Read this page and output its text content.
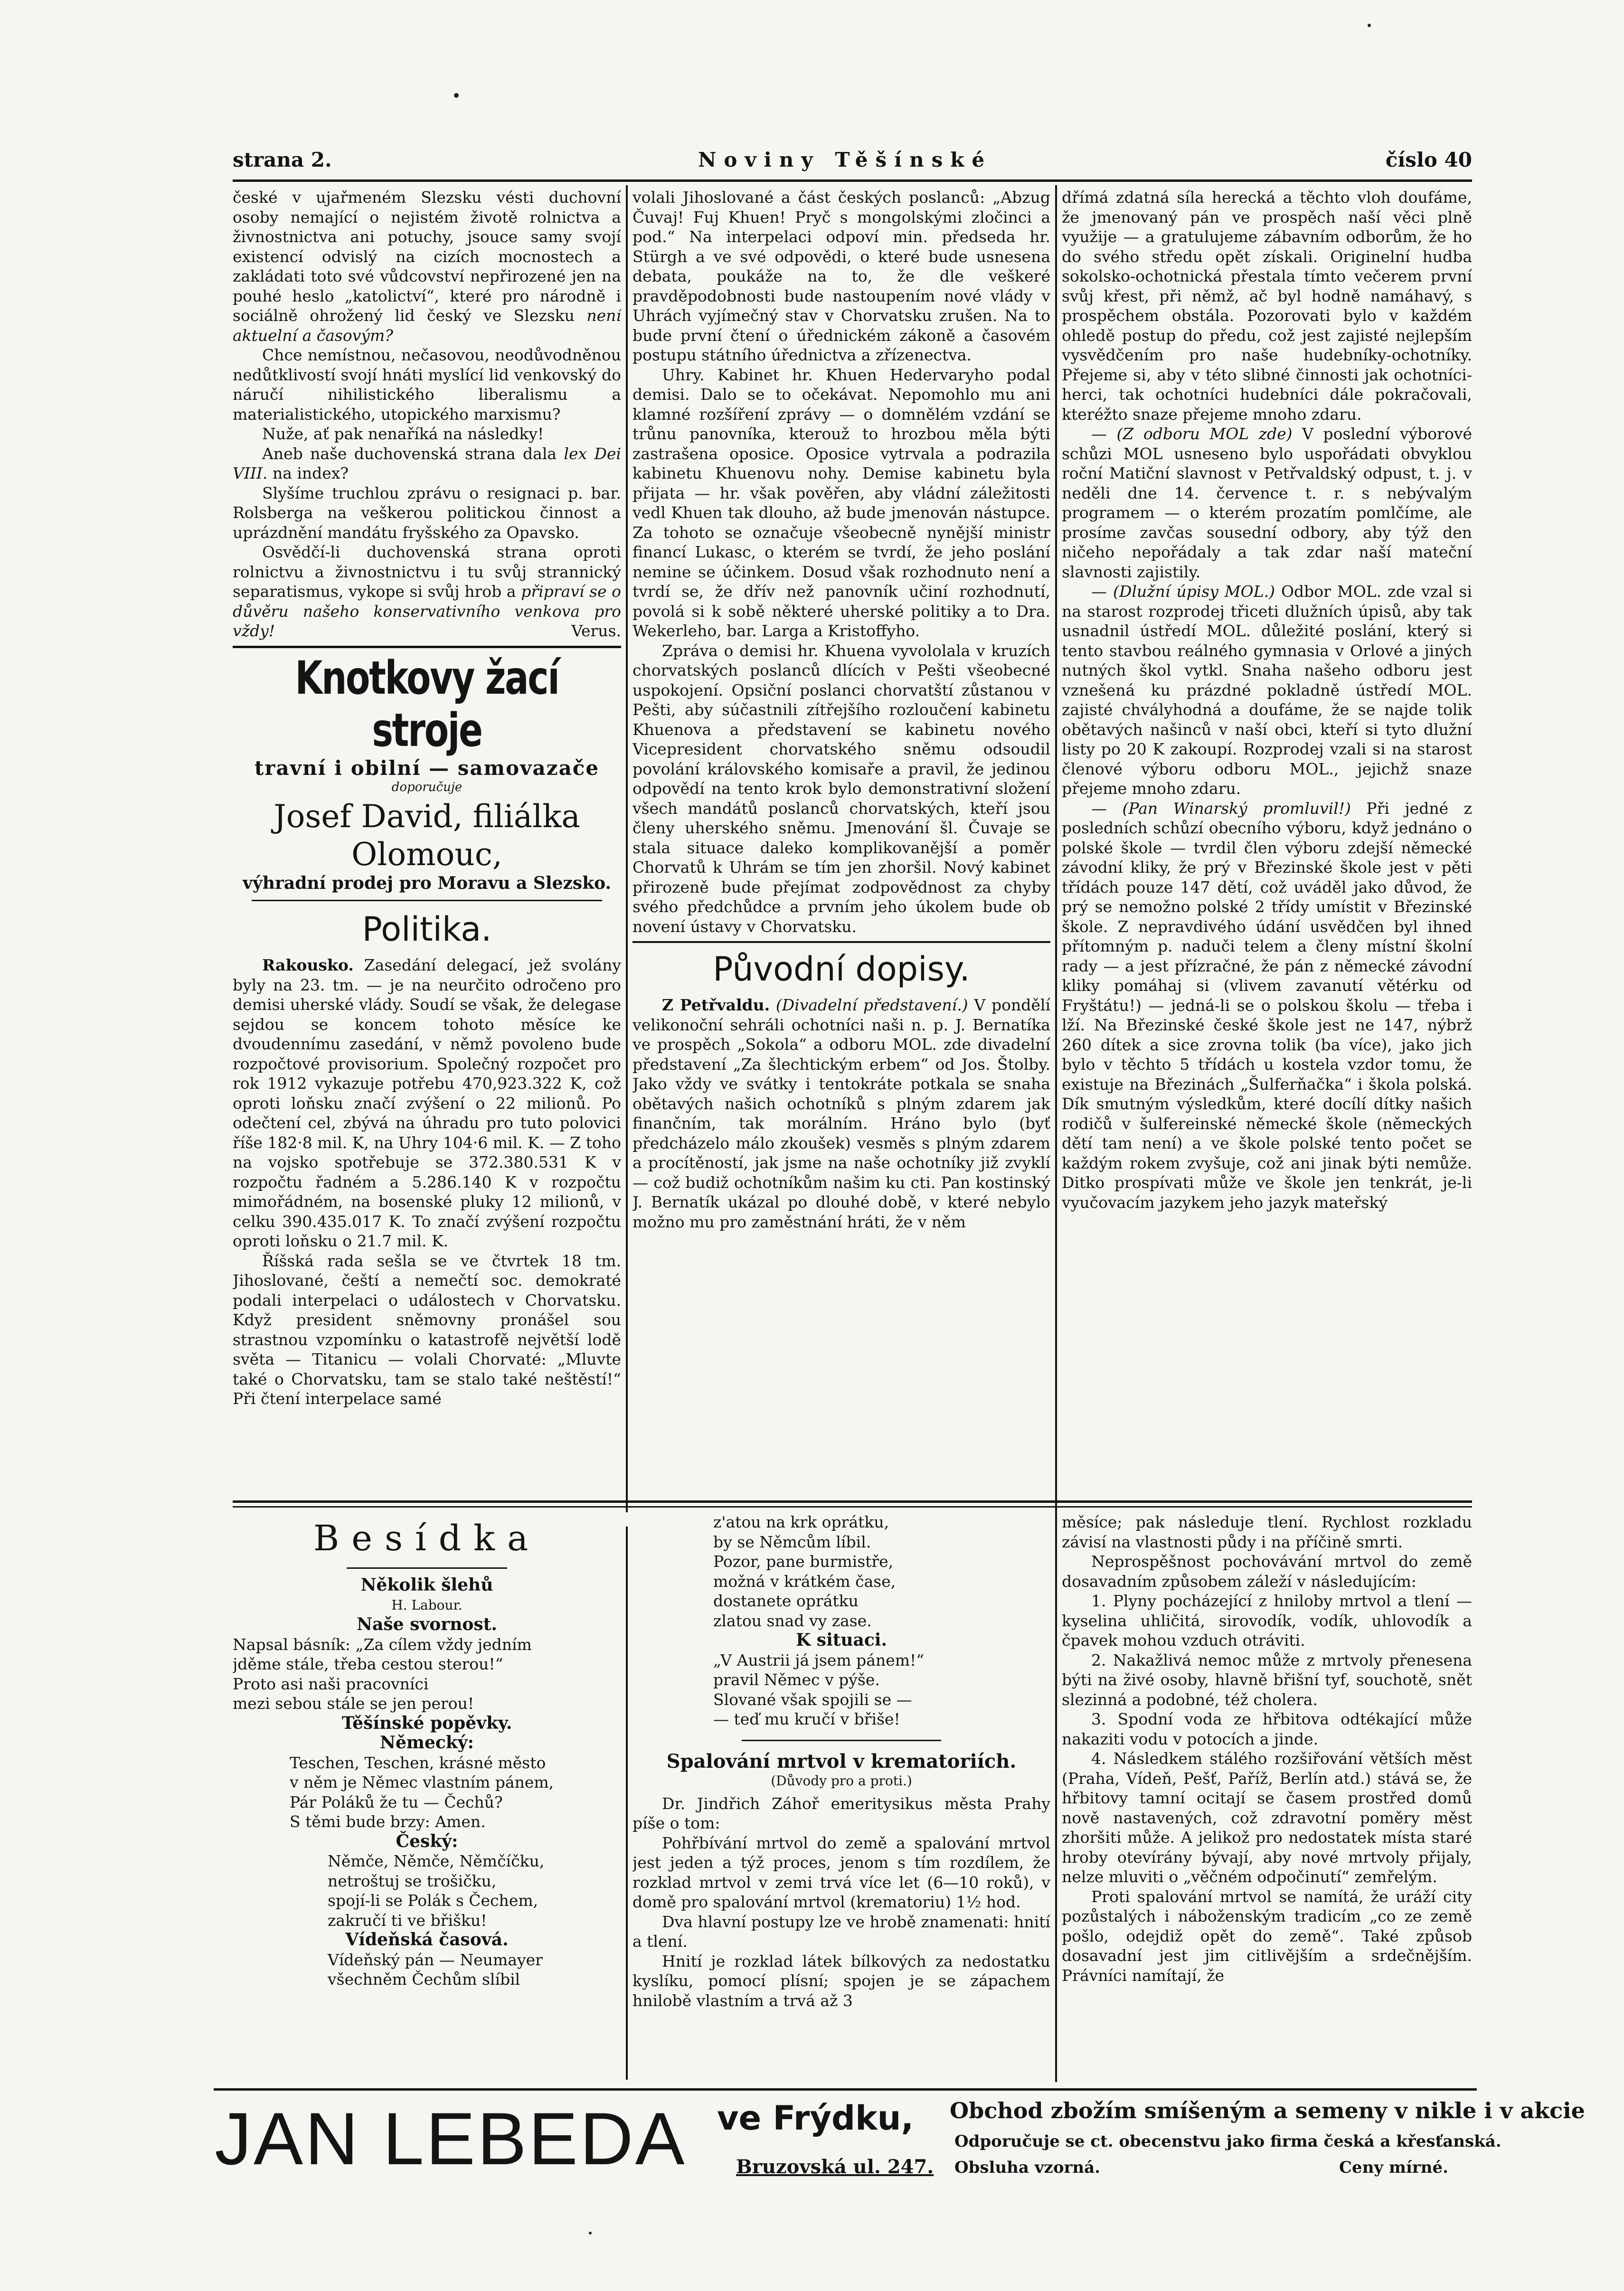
strana 2.	Noviny Těšínské	číslo 40

české v ujařmeném Slezsku vésti duchovní osoby nemající o nejistém životě rolnictva a živnostnictva ani potuchy, jsouce samy svojí existencí odvislý na cizích mocnostech a zakládati toto své vůdcovství nepřirozené jen na pouhé heslo „katolictví“, které pro národně i sociálně ohrožený lid český ve Slezsku není aktuelní a časovým?

Chce nemístnou, nečasovou, neodůvodněnou nedůtklivostí svojí hnáti myslící lid venkovský do náručí nihilistického liberalismu a materialistického, utopického marxismu?

Nuže, ať pak nenaříká na následky!

Aneb naše duchovenská strana dala lex Dei VIII. na index?

Slyšíme truchlou zprávu o resignaci p. bar. Rolsberga na veškerou politickou činnost a uprázdnění mandátu fryšského za Opavsko.

Osvědčí-li duchovenská strana oproti rolnictvu a živnostnictvu i tu svůj strannický separatismus, vykope si svůj hrob a připraví se o důvěru našeho konservativního venkova pro vždy!	Verus.

Knotkovy žací stroje
travní i obilní — samovazače
doporučuje
Josef David, filiálka Olomouc,
výhradní prodej pro Moravu a Slezsko.
Politika.

Rakousko. Zasedání delegací, jež svolány byly na 23. tm. — je na neurčito odročeno pro demisi uherské vlády. Soudí se však, že delegase sejdou se koncem tohoto měsíce ke dvoudennímu zasedání, v němž povoleno bude rozpočtové provisorium. Společný rozpočet pro rok 1912 vykazuje potřebu 470,923.322 K, což oproti loňsku značí zvýšení o 22 milionů. Po odečtení cel, zbývá na úhradu pro tuto polovici říše 182·8 mil. K, na Uhry 104·6 mil. K. — Z toho na vojsko spotřebuje se 372.380.531 K v rozpočtu řadném a 5.286.140 K v rozpočtu mimořádném, na bosenské pluky 12 milionů, v celku 390.435.017 K. To značí zvýšení rozpočtu oproti loňsku o 21.7 mil. K.

Říšská rada sešla se ve čtvrtek 18 tm. Jihoslované, čeští a nemečtí soc. demokraté podali interpelaci o událostech v Chorvatsku. Když president sněmovny pronášel sou strastnou vzpomínku o katastrofě největší lodě světa — Titanicu — volali Chorvaté: „Mluvte také o Chorvatsku, tam se stalo také neštěstí!“ Při čtení interpelace samé

Besídka
Několik šlehů
H. Labour.
Naše svornost.

Napsal básník: „Za cílem vždy jedním

jděme stále, třeba cestou sterou!“

Proto asi naši pracovníci

mezi sebou stále se jen perou!

Těšínské popěvky.
Německý:

Teschen, Teschen, krásné město

v něm je Němec vlastním pánem,

Pár Poláků že tu — Čechů?

S těmi bude brzy: Amen.

Český:

Němče, Němče, Němčíčku,

netroštuj se trošičku,

spojí-li se Polák s Čechem,

zakručí ti ve břišku!

Vídeňská časová.

Vídeňský pán — Neumayer

všechněm Čechům slíbil

volali Jihoslované a část českých poslanců: „Abzug Čuvaj! Fuj Khuen! Pryč s mongolskými zločinci a pod.“ Na interpelaci odpoví min. předseda hr. Stürgh a ve své odpovědi, o které bude usnesena debata, poukáže na to, že dle veškeré pravděpodobnosti bude nastoupením nové vlády v Uhrách vyjímečný stav v Chorvatsku zrušen. Na to bude první čtení o úřednickém zákoně a časovém postupu státního úřednictva a zřízenectva.

Uhry. Kabinet hr. Khuen Hedervaryho podal demisi. Dalo se to očekávat. Nepomohlo mu ani klamné rozšíření zprávy — o domnělém vzdání se trůnu panovníka, kterouž to hrozbou měla býti zastrašena oposice. Oposice vytrvala a podrazila kabinetu Khuenovu nohy. Demise kabinetu byla přijata — hr. však pověřen, aby vládní záležitosti vedl Khuen tak dlouho, až bude jmenován nástupce. Za tohoto se označuje všeobecně nynější ministr financí Lukasc, o kterém se tvrdí, že jeho poslání nemine se účinkem. Dosud však rozhodnuto není a tvrdí se, že dřív než panovník učiní rozhodnutí, povolá si k sobě některé uherské politiky a to Dra. Wekerleho, bar. Larga a Kristoffyho.

Zpráva o demisi hr. Khuena vyvololala v kruzích chorvatských poslanců dlících v Pešti všeobecné uspokojení. Opsiční poslanci chorvatští zůstanou v Pešti, aby súčastnili zítřejšího rozloučení kabinetu Khuenova a představení se kabinetu nového Vicepresident chorvatského sněmu odsoudil povolání královského komisaře a pravil, že jedinou odpovědí na tento krok bylo demonstrativní složení všech mandátů poslanců chorvatských, kteří jsou členy uherského sněmu. Jmenování šl. Čuvaje se stala situace daleko komplikovanější a poměr Chorvatů k Uhrám se tím jen zhoršil. Nový kabinet přirozeně bude přejímat zodpovědnost za chyby svého předchůdce a prvním jeho úkolem bude ob novení ústavy v Chorvatsku.

Původní dopisy.

Z Petřvaldu. (Divadelní představení.) V pondělí velikonoční sehráli ochotníci naši n. p. J. Bernatíka ve prospěch „Sokola“ a odboru MOL. zde divadelní představení „Za šlechtickým erbem“ od Jos. Štolby. Jako vždy ve svátky i tentokráte potkala se snaha obětavých našich ochotníků s plným zdarem jak finančním, tak morálním. Hráno bylo (byť předcházelo málo zkoušek) vesměs s plným zdarem a procítěností, jak jsme na naše ochotníky již zvyklí — což budiž ochotníkům našim ku cti. Pan kostinský J. Bernatík ukázal po dlouhé době, v které nebylo možno mu pro zaměstnání hráti, že v něm

dřímá zdatná síla herecká a těchto vloh doufáme, že jmenovaný pán ve prospěch naší věci plně využije — a gratulujeme zábavním odborům, že ho do svého středu opět získali. Originelní hudba sokolsko-ochotnická přestala tímto večerem první svůj křest, při němž, ač byl hodně namáhavý, s prospěchem obstála. Pozorovati bylo v každém ohledě postup do předu, což jest zajisté nejlepším vysvědčením pro naše hudebníky-ochotníky. Přejeme si, aby v této slibné činnosti jak ochotníci-herci, tak ochotníci hudebníci dále pokračovali, kteréžto snaze přejeme mnoho zdaru.

— (Z odboru MOL zde) V poslední výborové schůzi MOL usneseno bylo uspořádati obvyklou roční Matiční slavnost v Petřvaldský odpust, t. j. v neděli dne 14. července t. r. s nebývalým programem — o kterém prozatím pomlčíme, ale prosíme zavčas sousední odbory, aby týž den ničeho nepořádaly a tak zdar naší mateční slavnosti zajistily.

— (Dlužní úpisy MOL.) Odbor MOL. zde vzal si na starost rozprodej třiceti dlužních úpisů, aby tak usnadnil ústředí MOL. důležité poslání, který si tento stavbou reálného gymnasia v Orlové a jiných nutných škol vytkl. Snaha našeho odboru jest vznešená ku prázdné pokladně ústředí MOL. zajisté chvályhodná a doufáme, že se najde tolik obětavých našinců v naší obci, kteří si tyto dlužní listy po 20 K zakoupí. Rozprodej vzali si na starost členové výboru odboru MOL., jejichž snaze přejeme mnoho zdaru.

— (Pan Winarský promluvil!) Při jedné z posledních schůzí obecního výboru, když jednáno o polské škole — tvrdil člen výboru zdejší německé závodní kliky, že prý v Březinské škole jest v pěti třídách pouze 147 dětí, což uváděl jako důvod, že prý se nemožno polské 2 třídy umístit v Březinské škole. Z nepravdivého údání usvědčen byl ihned přítomným p. naduči telem a členy místní školní rady — a jest přízračné, že pán z německé závodní kliky pomáhaj si (vlivem zavanutí větérku od Fryštátu!) — jedná-li se o polskou školu — třeba i lží. Na Březinské české škole jest ne 147, nýbrž 260 dítek a sice zrovna tolik (ba více), jako jich bylo v těchto 5 třídách u kostela vzdor tomu, že existuje na Březinách „Šulferňačka“ i škola polská. Dík smutným výsledkům, které docílí dítky našich rodičů v šulfereinské německé škole (německých dětí tam není) a ve škole polské tento počet se každým rokem zvyšuje, což ani jinak býti nemůže. Ditko prospívati může ve škole jen tenkrát, je-li vyučovacím jazykem jeho jazyk mateřský

z'atou na krk oprátku,

by se Němcům líbil.

Pozor, pane burmistře,

možná v krátkém čase,

dostanete oprátku

zlatou snad vy zase.

K situaci.

„V Austrii já jsem pánem!“

pravil Němec v pýše.

Slované však spojili se —

— teď mu kručí v břiše!

Spalování mrtvol v krematoriích.
(Důvody pro a proti.)

Dr. Jindřich Záhoř emeritysikus města Prahy píše o tom:

Pohřbívání mrtvol do země a spalování mrtvol jest jeden a týž proces, jenom s tím rozdílem, že rozklad mrtvol v zemi trvá více let (6—10 roků), v domě pro spalování mrtvol (krematoriu) 1½ hod.

Dva hlavní postupy lze ve hrobě znamenati: hnití a tlení.

Hnití je rozklad látek bílkových za nedostatku kyslíku, pomocí plísní; spojen je se zápachem hnilobě vlastním a trvá až 3

měsíce; pak následuje tlení. Rychlost rozkladu závisí na vlastnosti půdy i na příčině smrti.

Neprospěšnost pochovávání mrtvol do země dosavadním způsobem záleží v následujícím:

1. Plyny pocházející z hniloby mrtvol a tlení — kyselina uhličitá, sirovodík, vodík, uhlovodík a čpavek mohou vzduch otráviti.

2. Nakažlivá nemoc může z mrtvoly přenesena býti na živé osoby, hlavně břišní tyf, souchotě, snět slezinná a podobné, též cholera.

3. Spodní voda ze hřbitova odtékající může nakaziti vodu v potocích a jinde.

4. Následkem stálého rozšiřování větších měst (Praha, Vídeň, Pešť, Paříž, Berlín atd.) stává se, že hřbitovy tamní ocitají se časem prostřed domů nově nastavených, což zdravotní poměry měst zhoršiti může. A jelikož pro nedostatek místa staré hroby otevírány bývají, aby nové mrtvoly přijaly, nelze mluviti o „věčném odpočinutí“ zemřelým.

Proti spalování mrtvol se namítá, že uráží city pozůstalých i náboženským tradicím „co ze země pošlo, odejdiž opět do země“. Také způsob dosavadní jest jim citlivějším a srdečnějším. Právníci namítají, že

JAN LEBEDA ve Frýdku,
Bruzovská ul. 247.
Obchod zbožím smíšeným a semeny v nikle i v akcie
Odporučuje se ct. obecenstvu jako firma česká a křesťanská.
Obsluha vzorná.	Ceny mírné.
